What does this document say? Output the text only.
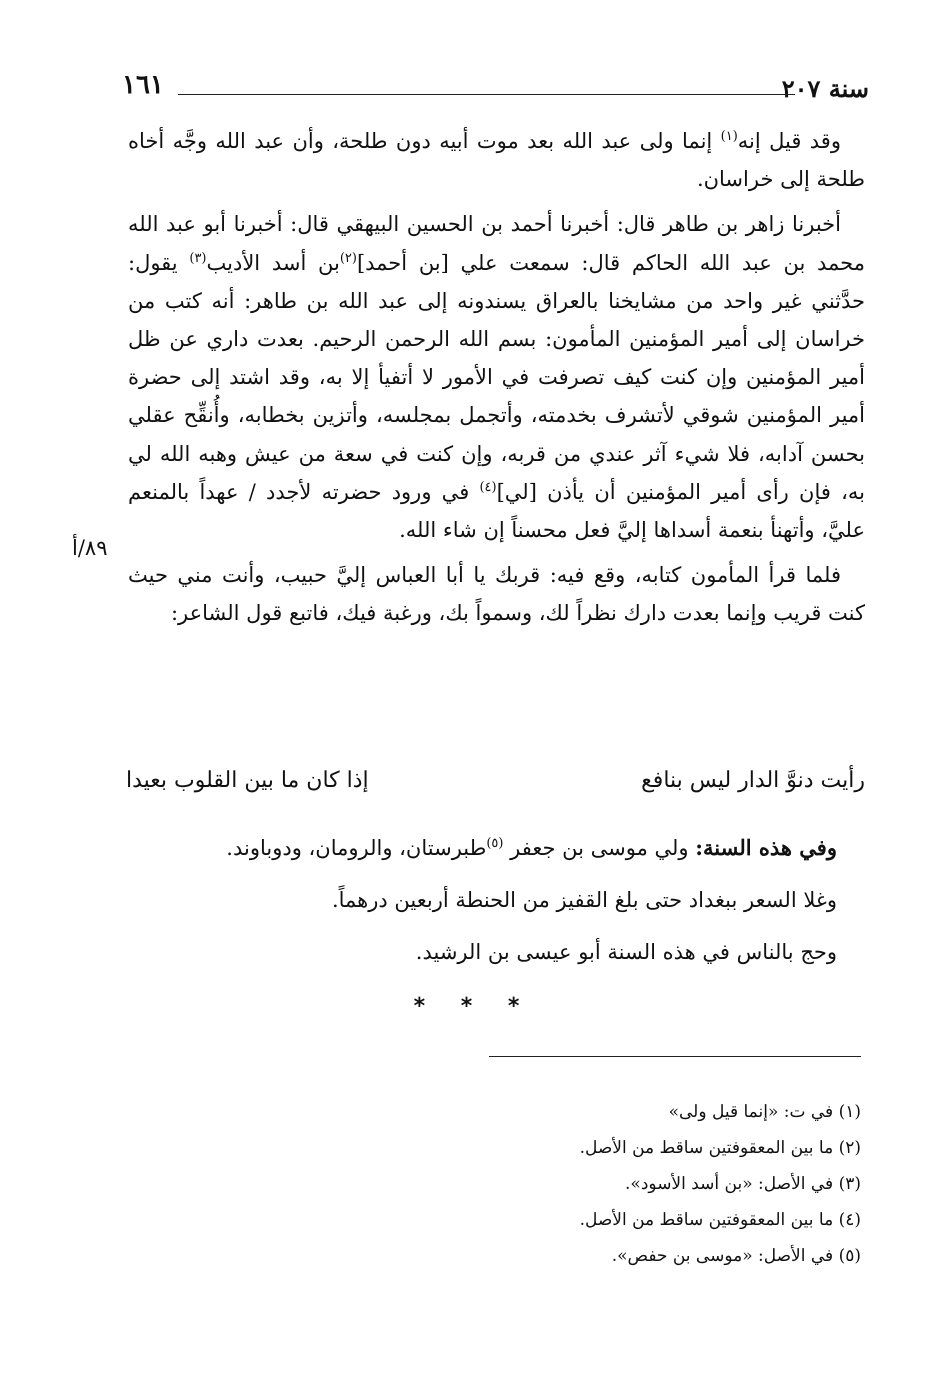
سنة ٢٠٧
١٦١

وقد قيل إنه$^{(١)}$ إنما ولى عبد الله بعد موت أبيه دون طلحة، وأن عبد الله وجَّه أخاه طلحة إلى خراسان.

أخبرنا زاهر بن طاهر قال: أخبرنا أحمد بن الحسين البيهقي قال: أخبرنا أبو عبد الله محمد بن عبد الله الحاكم قال: سمعت علي [بن أحمد]$^{(٢)}$بن أسد الأديب$^{(٣)}$ يقول: حدَّثني غير واحد من مشايخنا بالعراق يسندونه إلى عبد الله بن طاهر: أنه كتب من خراسان إلى أمير المؤمنين المأمون: بسم الله الرحمن الرحيم. بعدت داري عن ظل أمير المؤمنين وإن كنت كيف تصرفت في الأمور لا أتفيأ إلا به، وقد اشتد إلى حضرة أمير المؤمنين شوقي لأتشرف بخدمته، وأتجمل بمجلسه، وأتزين بخطابه، وأُنقِّح عقلي بحسن آدابه، فلا شيء آثر عندي من قربه، وإن كنت في سعة من عيش وهبه الله لي به، فإن رأى أمير المؤمنين أن يأذن [لي]$^{(٤)}$ في ورود حضرته لأجدد / عهداً بالمنعم عليَّ، وأتهنأ بنعمة أسداها إليَّ فعل محسناً إن شاء الله.

فلما قرأ المأمون كتابه، وقع فيه: قربك يا أبا العباس إليَّ حبيب، وأنت مني حيث كنت قريب وإنما بعدت دارك نظراً لك، وسمواً بك، ورغبة فيك، فاتبع قول الشاعر:

٨٩/أ
رأيت دنوَّ الدار ليس بنافع
إذا كان ما بين القلوب بعيدا
وفي هذه السنة: ولي موسى بن جعفر $^{(٥)}$طبرستان، والرومان، ودوباوند.
وغلا السعر ببغداد حتى بلغ القفيز من الحنطة أربعين درهماً.
وحج بالناس في هذه السنة أبو عيسى بن الرشيد.
* * *
(١) في ت: «إنما قيل ولى»
(٢) ما بين المعقوفتين ساقط من الأصل.
(٣) في الأصل: «بن أسد الأسود».
(٤) ما بين المعقوفتين ساقط من الأصل.
(٥) في الأصل: «موسى بن حفص».
